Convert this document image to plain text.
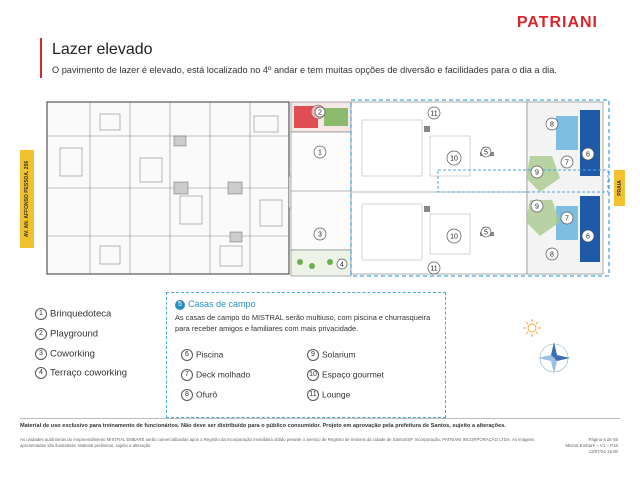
PATRIANI
Lazer elevado
O pavimento de lazer é elevado, está localizado no 4º andar e tem muitas opções de diversão e facilidades para o dia a dia.
AV. AN. AFFONSO PESSOA, 256	PRAIA
1
2
3
4
5
5
6
6
7
7
8
8
9
9
10
10
11
11
1 Brinquedoteca
2 Playground
3 Coworking
4 Terraço coworking
5 Casas de campo
As casas de campo do MISTRAL serão multiuso, com piscina e churrasqueira para receber amigos e familiares com mais privacidade.
6 Piscina
7 Deck molhado
8 Ofurô
9 Solarium
10 Espaço gourmet
11 Lounge
Material de uso exclusivo para treinamento de funcionários. Não deve ser distribuído para o público consumidor. Projeto em aprovação pela prefeitura de Santos, sujeito a alterações.
As unidades autônomas do empreendimento MISTRAL EMBARÉ serão comercializadas após o Registro da Incorporação Imobiliária obtido perante o Serviço de Registro de Imóveis da cidade de Santos/SP. Incorporação: PATRIANI INCORPORAÇÃO LTDA. As imagens apresentadas são ilustrativas. Material preliminar, sujeito a alteração.
Página 6 de 55
Mistral Embaré – V1 – P16
13/07/24 15:00
